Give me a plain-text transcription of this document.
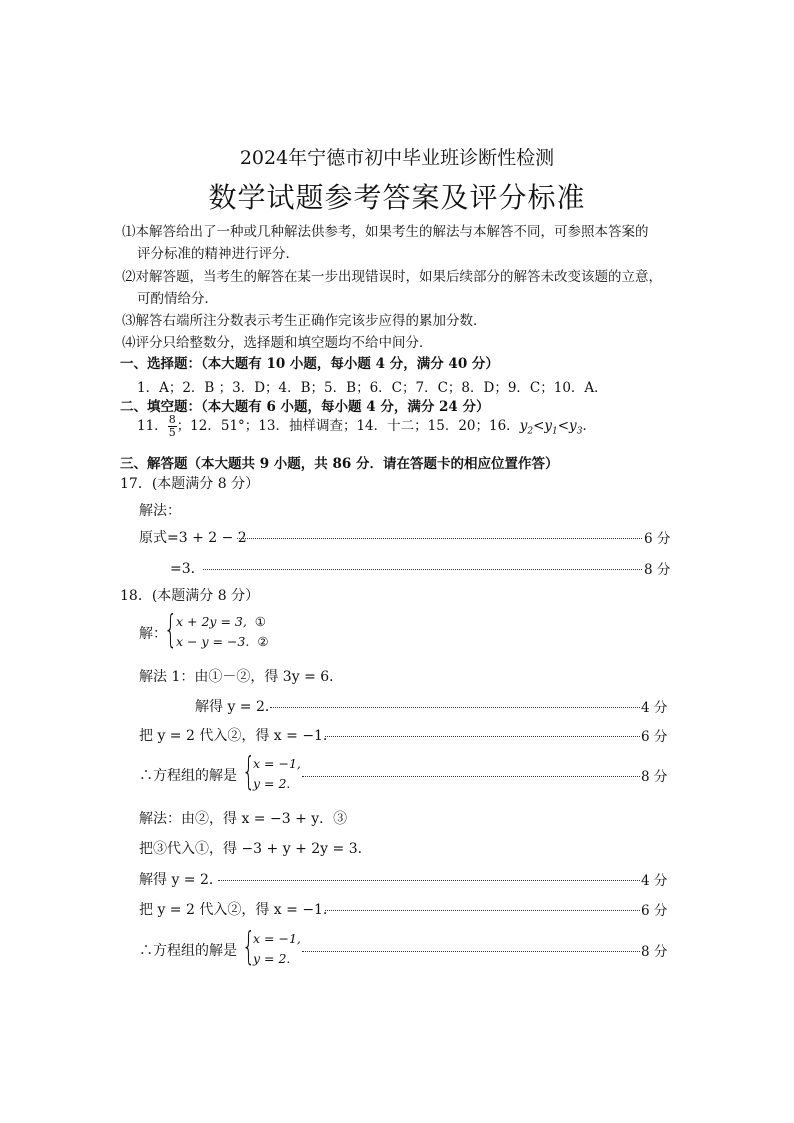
2024年宁德市初中毕业班诊断性检测
数学试题参考答案及评分标准
⑴本解答给出了一种或几种解法供参考，如果考生的解法与本解答不同，可参照本答案的
评分标准的精神进行评分．
⑵对解答题，当考生的解答在某一步出现错误时，如果后续部分的解答未改变该题的立意，
可酌情给分．
⑶解答右端所注分数表示考生正确作完该步应得的累加分数．
⑷评分只给整数分，选择题和填空题均不给中间分．
一、选择题：（本大题有 10 小题，每小题 4 分，满分 40 分）
1．A；2．B ；3．D；4．B；5．B；6．C；7．C；8．D；9．C；10．A．
二、填空题：（本大题有 6 小题，每小题 4 分，满分 24 分）
11． $\frac{8}{5}$ ；12．51°；13．抽样调查；14．十二；15．20；16．$y_2<y_1<y_3$．
三、解答题（本大题共 9 小题，共 86 分．请在答题卡的相应位置作答）
17．(本题满分 8 分）
解法：
原式=3 + 2 − 2	6 分
=3．	8 分
18．(本题满分 8 分）
解：
{
x + 2y = 3, ①
x − y = −3. ②
解法 1：由①－②，得 3y = 6．
解得 y = 2．	4 分
把 y = 2 代入②，得 x = −1．	6 分
∴方程组的解是 {
x = −1,
y = 2.	8 分
解法：由②，得 x = −3 + y．③
把③代入①，得 −3 + y + 2y = 3．
解得 y = 2．	4 分
把 y = 2 代入②，得 x = −1．	6 分
∴方程组的解是 {
x = −1,
y = 2.	8 分
